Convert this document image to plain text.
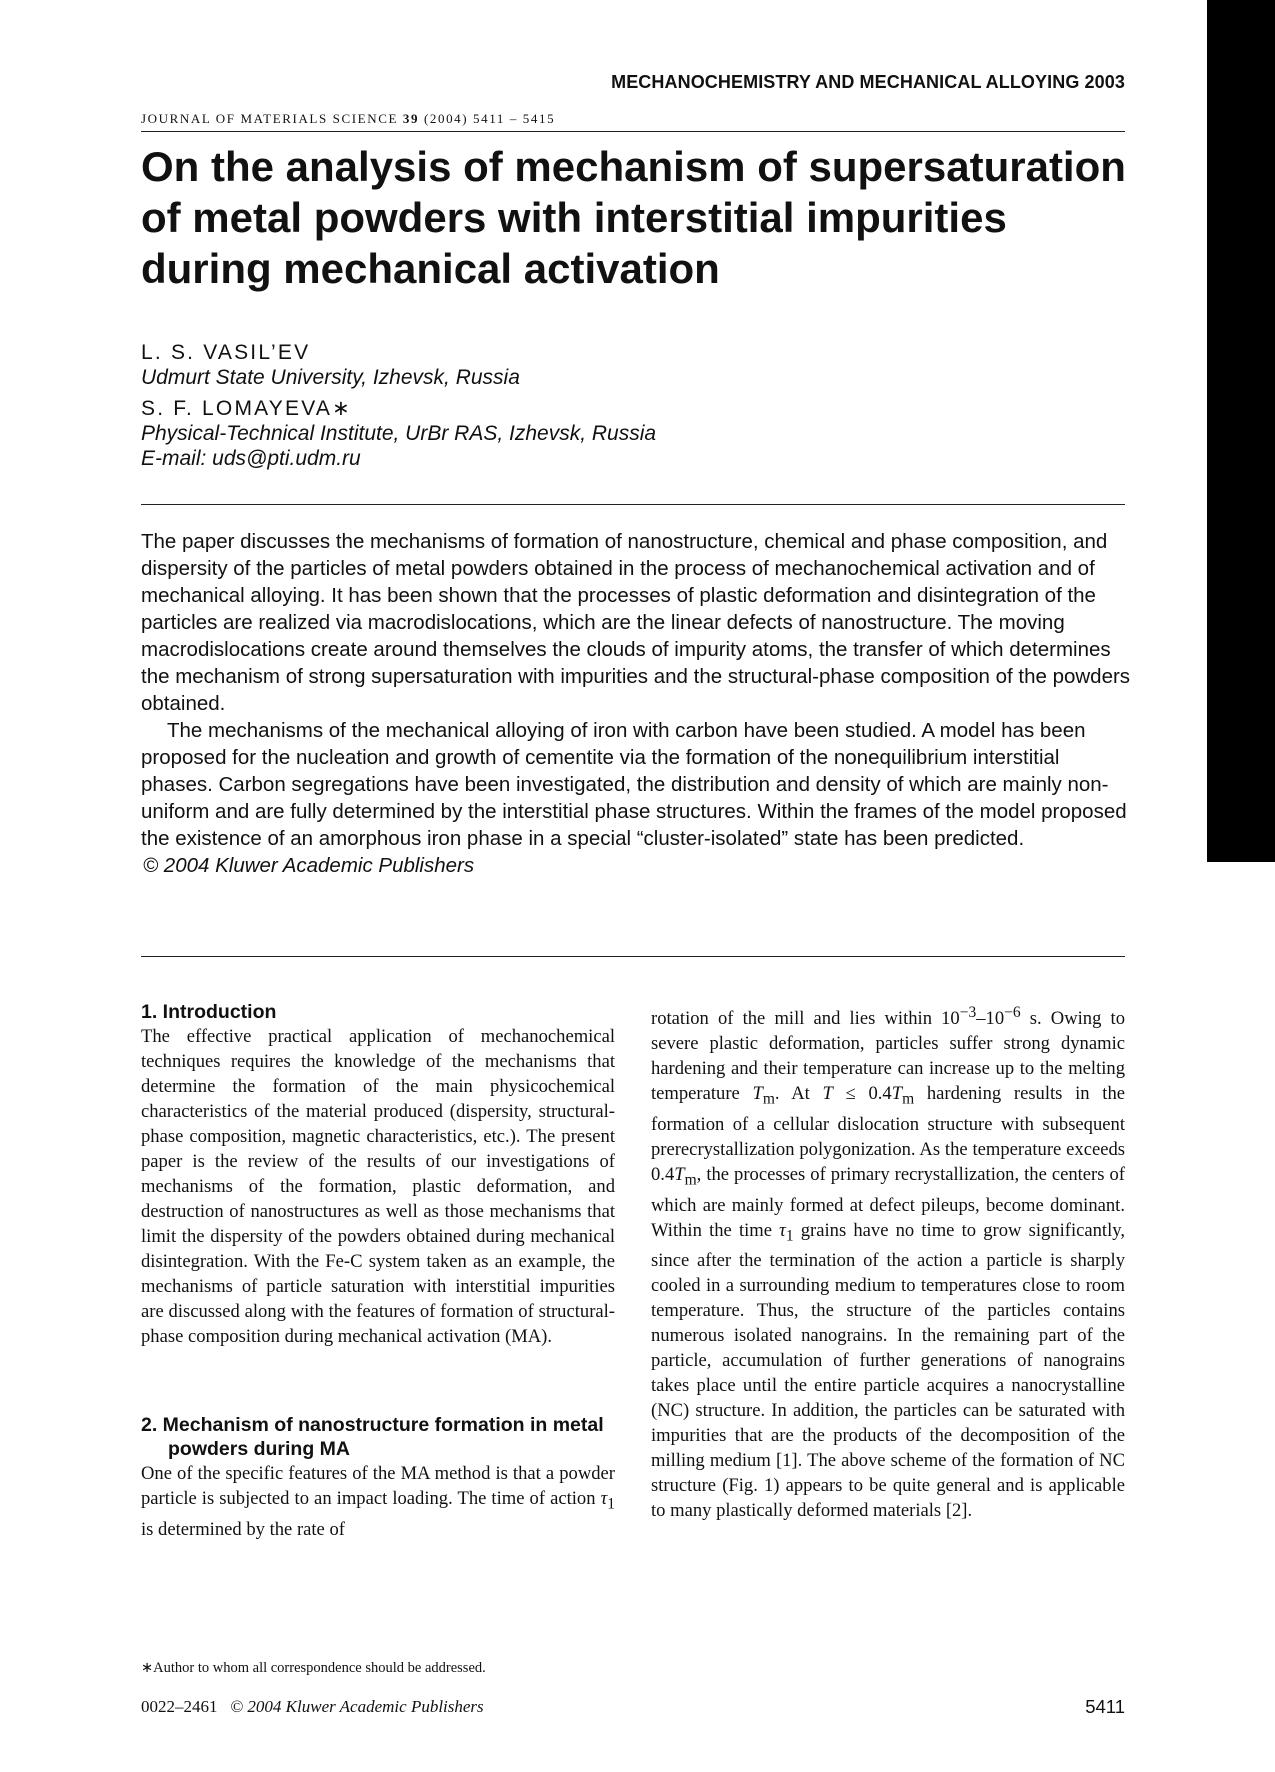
MECHANOCHEMISTRY AND MECHANICAL ALLOYING 2003
JOURNAL OF MATERIALS SCIENCE 39 (2004) 5411 – 5415
On the analysis of mechanism of supersaturation of metal powders with interstitial impurities during mechanical activation
L. S. VASIL’EV
Udmurt State University, Izhevsk, Russia
S. F. LOMAYEVA∗
Physical-Technical Institute, UrBr RAS, Izhevsk, Russia
E-mail: uds@pti.udm.ru

The paper discusses the mechanisms of formation of nanostructure, chemical and phase composition, and dispersity of the particles of metal powders obtained in the process of mechanochemical activation and of mechanical alloying. It has been shown that the processes of plastic deformation and disintegration of the particles are realized via macrodislocations, which are the linear defects of nanostructure. The moving macrodislocations create around themselves the clouds of impurity atoms, the transfer of which determines the mechanism of strong supersaturation with impurities and the structural-phase composition of the powders obtained.

The mechanisms of the mechanical alloying of iron with carbon have been studied. A model has been proposed for the nucleation and growth of cementite via the formation of the nonequilibrium interstitial phases. Carbon segregations have been investigated, the distribution and density of which are mainly non-uniform and are fully determined by the interstitial phase structures. Within the frames of the model proposed the existence of an amorphous iron phase in a special “cluster-isolated” state has been predicted.

© 2004 Kluwer Academic Publishers

1. Introduction

The effective practical application of mechanochemical techniques requires the knowledge of the mechanisms that determine the formation of the main physicochemical characteristics of the material produced (dispersity, structural-phase composition, magnetic characteristics, etc.). The present paper is the review of the results of our investigations of mechanisms of the formation, plastic deformation, and destruction of nanostructures as well as those mechanisms that limit the dispersity of the powders obtained during mechanical disintegration. With the Fe-C system taken as an example, the mechanisms of particle saturation with interstitial impurities are discussed along with the features of formation of structural-phase composition during mechanical activation (MA).

2. Mechanism of nanostructure formation in metal powders during MA

One of the specific features of the MA method is that a powder particle is subjected to an impact loading. The time of action $\tau_1$ is determined by the rate of

rotation of the mill and lies within $10^{-3}-10^{-6}$ s. Owing to severe plastic deformation, particles suffer strong dynamic hardening and their temperature can increase up to the melting temperature $T_m$. At $T \le 0.4T_m$ hardening results in the formation of a cellular dislocation structure with subsequent prerecrystallization polygonization. As the temperature exceeds $0.4T_m$, the processes of primary recrystallization, the centers of which are mainly formed at defect pileups, become dominant. Within the time $\tau_1$ grains have no time to grow significantly, since after the termination of the action a particle is sharply cooled in a surrounding medium to temperatures close to room temperature. Thus, the structure of the particles contains numerous isolated nanograins. In the remaining part of the particle, accumulation of further generations of nanograins takes place until the entire particle acquires a nanocrystalline (NC) structure. In addition, the particles can be saturated with impurities that are the products of the decomposition of the milling medium [1]. The above scheme of the formation of NC structure (Fig. 1) appears to be quite general and is applicable to many plastically deformed materials [2].

∗Author to whom all correspondence should be addressed.
0022–2461 © 2004 Kluwer Academic Publishers	5411
